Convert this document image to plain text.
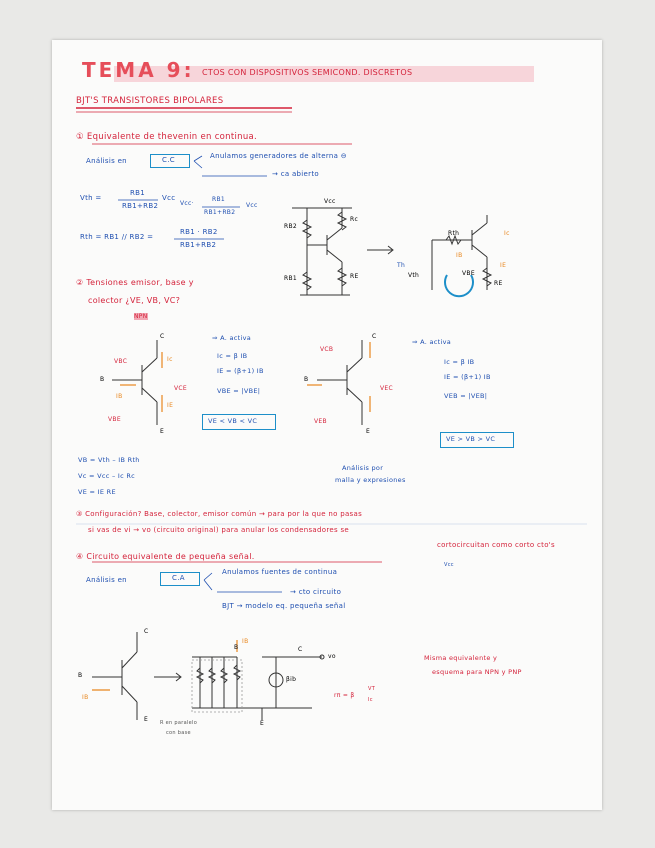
TEMA 9: CTOS CON DISPOSITIVOS SEMICOND. DISCRETOS
BJT'S TRANSISTORES BIPOLARES
① Equivalente de thevenin en continua.
Análisis en	C.C	Anulamos generadores de alterna ⊖
→ ca abierto
Vth =
RB1
RB1+RB2
Vcc
Vcc·
RB1
RB1+RB2
Vcc
Rth = RB1 // RB2 =
RB1 · RB2
RB1+RB2
Vcc
RB2
Rc
RB1	RE
Th
Rth
Vth
IB
Ic
VBE
RE
IE
② Tensiones emisor, base y
colector ¿VE, VB, VC?
NPN
C
B
E
VBC
VCE
VBE
IB
IE
Ic
⇒ A. activa
Ic = β IB
IE = (β+1) IB
VBE = |VBE|
VE < VB < VC
C
B
E
VCB
VEC
VEB
⇒ A. activa
Ic = β IB
IE = (β+1) IB
VEB = |VEB|
VE > VB > VC
VB = Vth – IB Rth
Vc = Vcc – Ic Rc
VE = IE RE
Análisis por
malla y expresiones
③ Configuración? Base, colector, emisor común → para por la que no pasas
si vas de vi → vo (circuito original) para anular los condensadores se
cortocircuitan como corto cto's
④ Circuito equivalente de pequeña señal.
Análisis en	C.A
Anulamos fuentes de continua
Vcc
→ cto circuito
BJT → modelo eq. pequeña señal
C
B
E
IB
B	C
E
vo
IB
βib
rπ = β
VT
Ic
R en paralelo
con base
Misma equivalente y
esquema para NPN y PNP
